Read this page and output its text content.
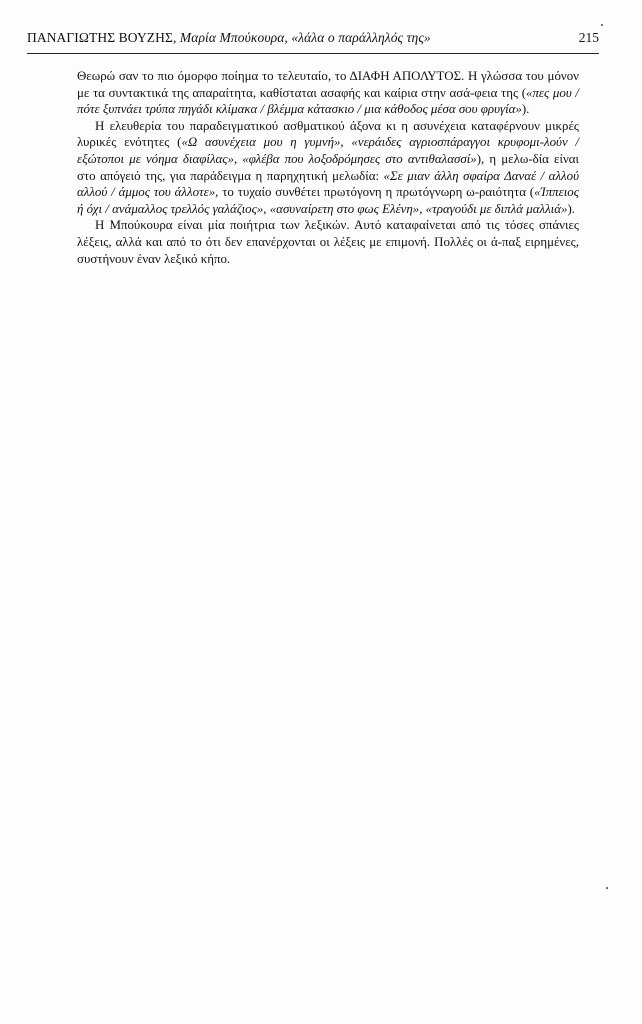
ΠΑΝΑΓΙΩΤΗΣ ΒΟΥΖΗΣ, Μαρία Μπούκουρα, «λάλα ο παράλληλός της»	215

Θεωρώ σαν το πιο όμορφο ποίημα το τελευταίο, το ΔΙΑΦΗ ΑΠΟΛΥΤΟΣ. Η γλώσσα του μόνον με τα συντακτικά της απαραίτητα, καθίσταται ασαφής και καίρια στην ασά-φεια της («πες μου / πότε ξυπνάει τρύπα πηγάδι κλίμακα / βλέμμα κάτασκιο / μια κάθοδος μέσα σου φρυγία»).

Η ελευθερία του παραδειγματικού ασθματικού άξονα κι η ασυνέχεια καταφέρνουν μικρές λυρικές ενότητες («Ω ασυνέχεια μου η γυμνή», «νεράιδες αγριοσπάραγγοι κρυφομι-λούν / εξώτοποι με νόημα διαφίλας», «φλέβα που λοξοδρόμησες στο αντιθαλασσί»), η μελω-δία είναι στο απόγειό της, για παράδειγμα η παρηχητική μελωδία: «Σε μιαν άλλη σφαίρα Δαναέ / αλλού αλλού / άμμος του άλλοτε», το τυχαίο συνθέτει πρωτόγονη η πρωτόγνωρη ω-ραιότητα («Ίππειος ή όχι / ανάμαλλος τρελλός γαλάζιος», «ασυναίρετη στο φως Ελένη», «τραγούδι με διπλά μαλλιά»).

Η Μπούκουρα είναι μία ποιήτρια των λεξικών. Αυτό καταφαίνεται από τις τόσες σπάνιες λέξεις, αλλά και από το ότι δεν επανέρχονται οι λέξεις με επιμονή. Πολλές οι ά-παξ ειρημένες, συστήνουν έναν λεξικό κήπο.
